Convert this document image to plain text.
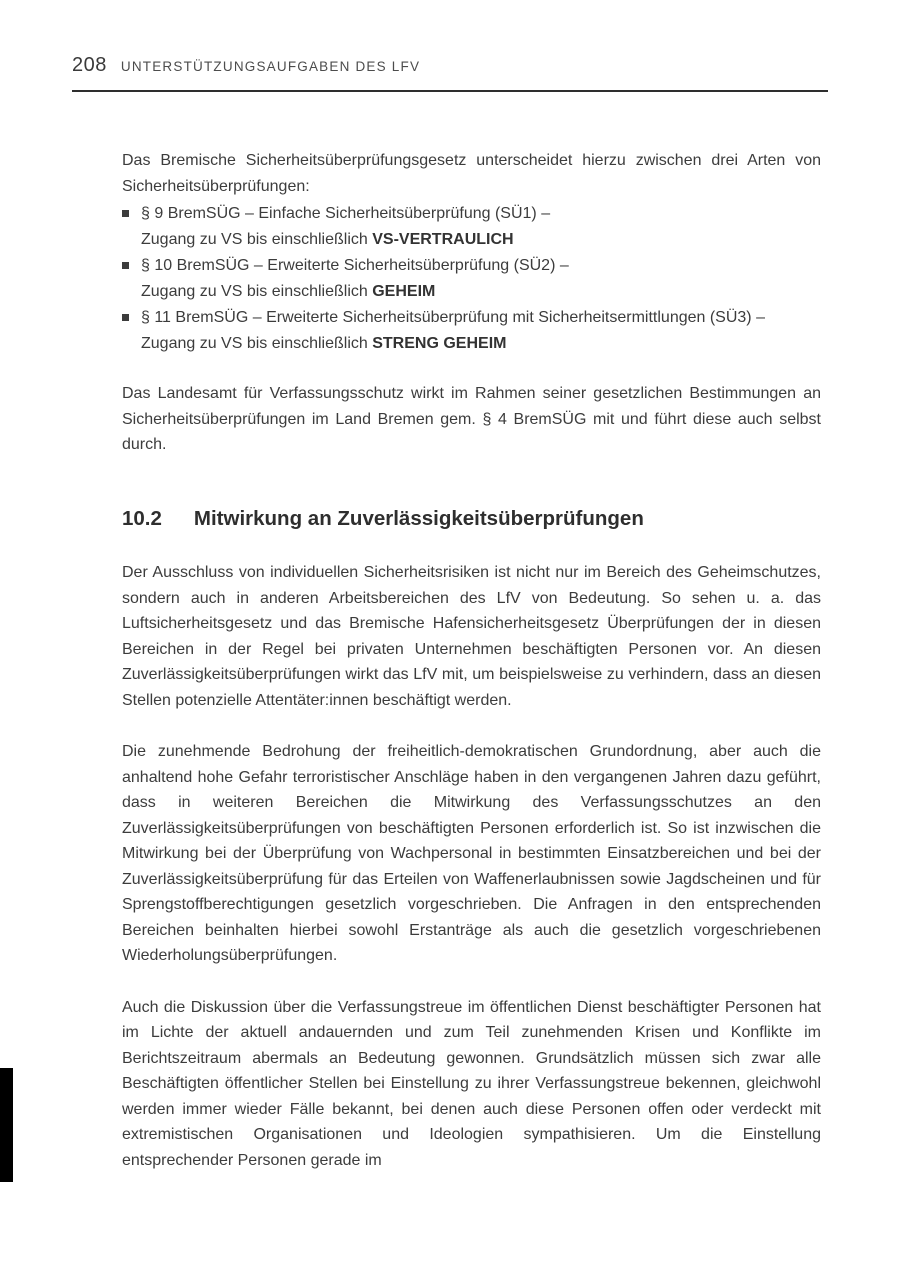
208 UNTERSTÜTZUNGSAUFGABEN DES LFV

Das Bremische Sicherheitsüberprüfungsgesetz unterscheidet hierzu zwischen drei Arten von Sicherheitsüberprüfungen:

§ 9 BremSÜG – Einfache Sicherheitsüberprüfung (SÜ1) –
Zugang zu VS bis einschließlich VS-VERTRAULICH
§ 10 BremSÜG – Erweiterte Sicherheitsüberprüfung (SÜ2) –
Zugang zu VS bis einschließlich GEHEIM
§ 11 BremSÜG – Erweiterte Sicherheitsüberprüfung mit Sicherheitsermittlungen (SÜ3) –
Zugang zu VS bis einschließlich STRENG GEHEIM

Das Landesamt für Verfassungsschutz wirkt im Rahmen seiner gesetzlichen Bestimmungen an Sicherheitsüberprüfungen im Land Bremen gem. § 4 BremSÜG mit und führt diese auch selbst durch.

10.2 Mitwirkung an Zuverlässigkeitsüberprüfungen

Der Ausschluss von individuellen Sicherheitsrisiken ist nicht nur im Bereich des Geheimschutzes, sondern auch in anderen Arbeitsbereichen des LfV von Bedeutung. So sehen u. a. das Luftsicherheitsgesetz und das Bremische Hafensicherheitsgesetz Überprüfungen der in diesen Bereichen in der Regel bei privaten Unternehmen beschäftigten Personen vor. An diesen Zuverlässigkeitsüberprüfungen wirkt das LfV mit, um beispielsweise zu verhindern, dass an diesen Stellen potenzielle Attentäter:innen beschäftigt werden.

Die zunehmende Bedrohung der freiheitlich-demokratischen Grundordnung, aber auch die anhaltend hohe Gefahr terroristischer Anschläge haben in den vergangenen Jahren dazu geführt, dass in weiteren Bereichen die Mitwirkung des Verfassungsschutzes an den Zuverlässigkeitsüberprüfungen von beschäftigten Personen erforderlich ist. So ist inzwischen die Mitwirkung bei der Überprüfung von Wachpersonal in bestimmten Einsatzbereichen und bei der Zuverlässigkeitsüberprüfung für das Erteilen von Waffenerlaubnissen sowie Jagdscheinen und für Sprengstoffberechtigungen gesetzlich vorgeschrieben. Die Anfragen in den entsprechenden Bereichen beinhalten hierbei sowohl Erstanträge als auch die gesetzlich vorgeschriebenen Wiederholungsüberprüfungen.

Auch die Diskussion über die Verfassungstreue im öffentlichen Dienst beschäftigter Personen hat im Lichte der aktuell andauernden und zum Teil zunehmenden Krisen und Konflikte im Berichtszeitraum abermals an Bedeutung gewonnen. Grundsätzlich müssen sich zwar alle Beschäftigten öffentlicher Stellen bei Einstellung zu ihrer Verfassungstreue bekennen, gleichwohl werden immer wieder Fälle bekannt, bei denen auch diese Personen offen oder verdeckt mit extremistischen Organisationen und Ideologien sympathisieren. Um die Einstellung entsprechender Personen gerade im
